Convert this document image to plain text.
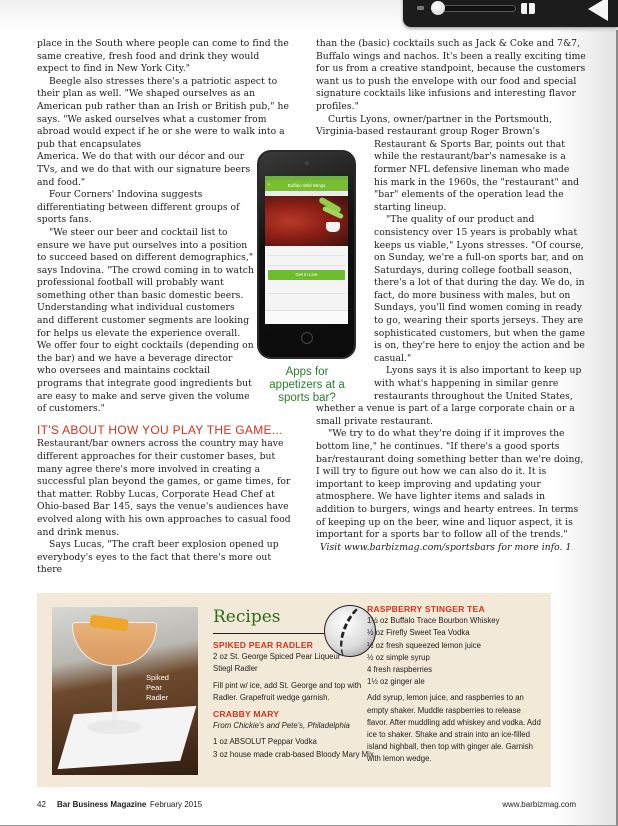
place in the South where people can come to find the same creative, fresh food and drink they would expect to find in New York City."

Beegle also stresses there's a patriotic aspect to their plan as well. "We shaped ourselves as an American pub rather than an Irish or British pub," he says. "We asked ourselves what a customer from abroad would expect if he or she were to walk into a pub that encapsulates

America. We do that with our décor and our TVs, and we do that with our signature beers and food."

Four Corners' Indovina suggests differentiating between different groups of sports fans.

"We steer our beer and cocktail list to ensure we have put ourselves into a position to succeed based on different demographics," says Indovina. "The crowd coming in to watch professional football will probably want something other than basic domestic beers. Understanding what individual customers and different customer segments are looking for helps us elevate the experience overall. We offer four to eight cocktails (depending on the bar) and we have a beverage director who oversees and maintains cocktail programs that integrate good ingredients but are easy to make and serve given the volume of customers."

IT'S ABOUT HOW YOU PLAY THE GAME...

Restaurant/bar owners across the country may have different approaches for their customer bases, but many agree there's more involved in creating a successful plan beyond the games, or game times, for that matter. Robby Lucas, Corporate Head Chef at Ohio-based Bar 145, says the venue's audiences have evolved along with his own approaches to casual food and drink menus.

Says Lucas, "The craft beer explosion opened up everybody's eyes to the fact that there's more out there

than the (basic) cocktails such as Jack & Coke and 7&7, Buffalo wings and nachos. It's been a really exciting time for us from a creative standpoint, because the customers want us to push the envelope with our food and special signature cocktails like infusions and interesting flavor profiles."

Curtis Lyons, owner/partner in the Portsmouth, Virginia-based restaurant group Roger Brown's

Restaurant & Sports Bar, points out that while the restaurant/bar's namesake is a former NFL defensive lineman who made his mark in the 1960s, the "restaurant" and "bar" elements of the operation lead the starting lineup.

"The quality of our product and consistency over 15 years is probably what keeps us viable," Lyons stresses. "Of course, on Sunday, we're a full-on sports bar, and on Saturdays, during college football season, there's a lot of that during the day. We do, in fact, do more business with males, but on Sundays, you'll find women coming in ready to go, wearing their sports jerseys. They are sophisticated customers, but when the game is on, they're here to enjoy the action and be casual."

Lyons says it is also important to keep up with what's happening in similar genre restaurants throughout the United States,

whether a venue is part of a large corporate chain or a small private restaurant.

"We try to do what they're doing if it improves the bottom line," he continues. "If there's a good sports bar/restaurant doing something better than we're doing, I will try to figure out how we can also do it. It is important to keep improving and updating your atmosphere. We have lighter items and salads in addition to burgers, wings and hearty entrees. In terms of keeping up on the beer, wine and liquor aspect, it is important for a sports bar to follow all of the trends."

Visit www.barbizmag.com/sportsbars for more info. 1

‹	Buffalo Wild Wings
Get In Line
Apps for appetizers at a sports bar?
Spiked Pear Radler
Recipes
SPIKED PEAR RADLER
2 oz St. George Spiced Pear Liqueur
Stiegl Radler
Fill pint w/ ice, add St. George and top with Radler. Grapefruit wedge garnish.
CRABBY MARY
From Chickie's and Pete's, Philadelphia
1 oz ABSOLUT Peppar Vodka
3 oz house made crab-based Bloody Mary Mix
RASPBERRY STINGER TEA
1½ oz Buffalo Trace Bourbon Whiskey
½ oz Firefly Sweet Tea Vodka
½ oz fresh squeezed lemon juice
½ oz simple syrup
4 fresh raspberries
1½ oz ginger ale
Add syrup, lemon juice, and raspberries to an empty shaker. Muddle raspberries to release flavor. After muddling add whiskey and vodka. Add ice to shaker. Shake and strain into an ice-filled island highball, then top with ginger ale. Garnish with lemon wedge.
42 Bar Business Magazine February 2015	www.barbizmag.com
